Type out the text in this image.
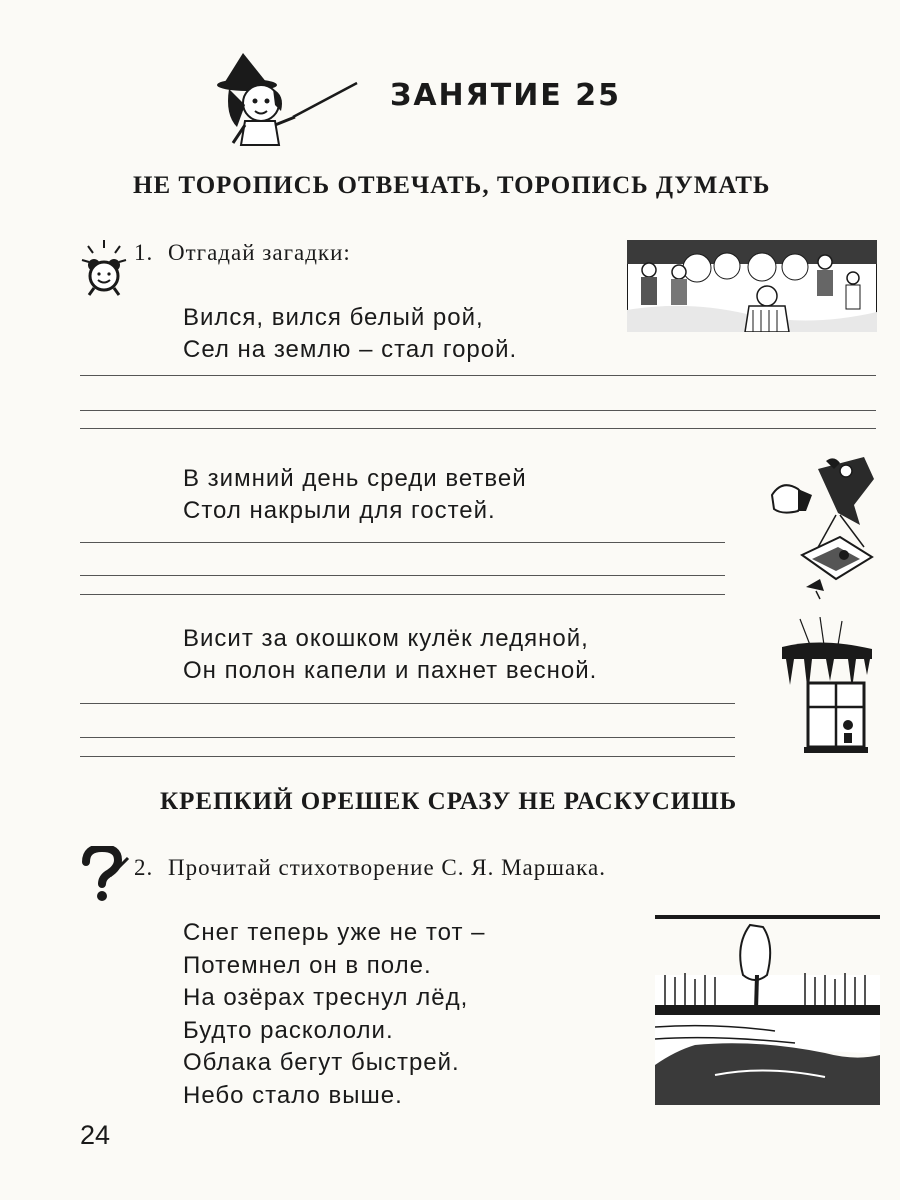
ЗАНЯТИЕ 25
НЕ ТОРОПИСЬ ОТВЕЧАТЬ, ТОРОПИСЬ ДУМАТЬ
1. Отгадай загадки:
Вился, вился белый рой,
Сел на землю – стал горой.
В зимний день среди ветвей
Стол накрыли для гостей.
Висит за окошком кулёк ледяной,
Он полон капели и пахнет весной.
КРЕПКИЙ ОРЕШЕК СРАЗУ НЕ РАСКУСИШЬ
2. Прочитай стихотворение С. Я. Маршака.
Снег теперь уже не тот –
Потемнел он в поле.
На озёрах треснул лёд,
Будто раскололи.
Облака бегут быстрей.
Небо стало выше.
24
